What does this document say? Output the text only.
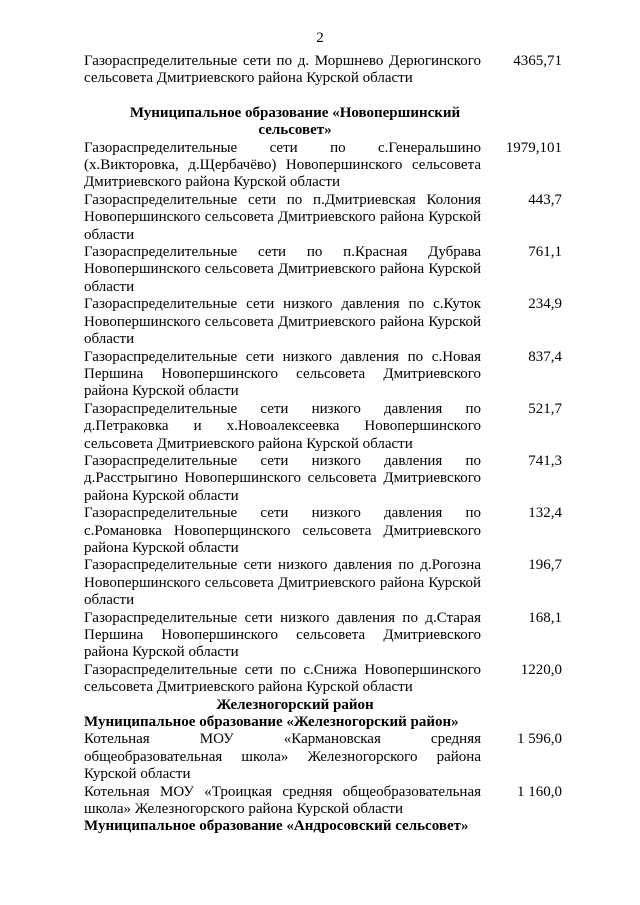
2
Газораспределительные сети по д. Моршнево Дерюгинского сельсовета Дмитриевского района Курской области
4365,71
Муниципальное образование «Новопершинский сельсовет»
Газораспределительные сети по с.Генеральшино (х.Викторовка, д.Щербачёво) Новопершинского сельсовета Дмитриевского района Курской области
1979,101
Газораспределительные сети по п.Дмитриевская Колония Новопершинского сельсовета Дмитриевского района Курской области
443,7
Газораспределительные сети по п.Красная Дубрава Новопершинского сельсовета Дмитриевского района Курской области
761,1
Газораспределительные сети низкого давления по с.Куток Новопершинского сельсовета Дмитриевского района Курской области
234,9
Газораспределительные сети низкого давления по с.Новая Першина Новопершинского сельсовета Дмитриевского района Курской области
837,4
Газораспределительные сети низкого давления по д.Петраковка и х.Новоалексеевка Новопершинского сельсовета Дмитриевского района Курской области
521,7
Газораспределительные сети низкого давления по д.Расстрыгино Новопершинского сельсовета Дмитриевского района Курской области
741,3
Газораспределительные сети низкого давления по с.Романовка Новоперщинского сельсовета Дмитриевского района Курской области
132,4
Газораспределительные сети низкого давления по д.Рогозна Новопершинского сельсовета Дмитриевского района Курской области
196,7
Газораспределительные сети низкого давления по д.Старая Першина Новопершинского сельсовета Дмитриевского района Курской области
168,1
Газораспределительные сети по с.Снижа Новопершинского сельсовета Дмитриевского района Курской области
1220,0
Железногорский район
Муниципальное образование «Железногорский район»
Котельная МОУ «Кармановская средняя общеобразовательная школа» Железногорского района Курской области
1 596,0
Котельная МОУ «Троицкая средняя общеобразовательная школа» Железногорского района Курской области
1 160,0
Муниципальное образование «Андросовский сельсовет»
